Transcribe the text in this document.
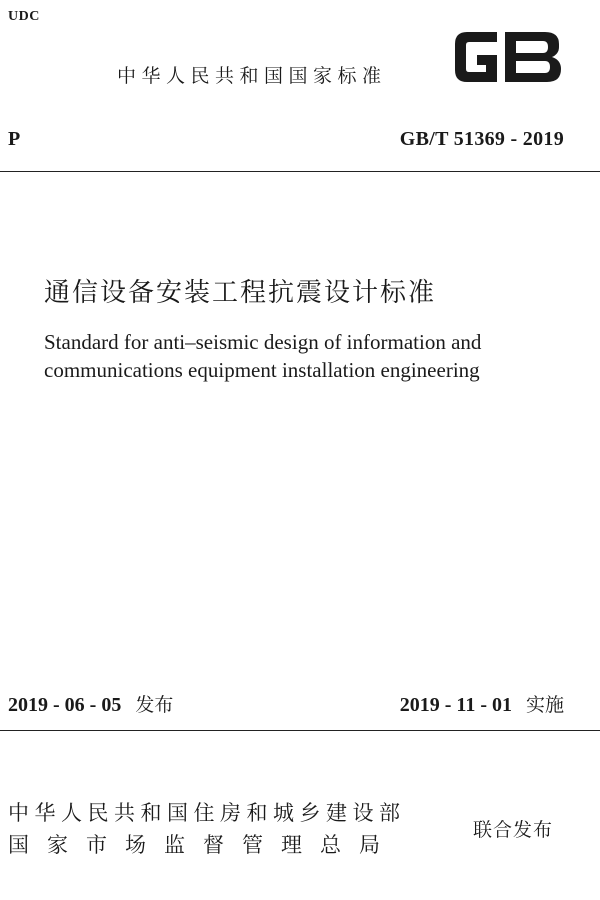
UDC
中华人民共和国国家标准	GB
P	GB/T 51369 - 2019
通信设备安装工程抗震设计标准
Standard for anti–seismic design of information and
communications equipment installation engineering
2019 - 06 - 05 发布	2019 - 11 - 01 实施
中华人民共和国住房和城乡建设部
国家市场监督管理总局
联合发布
